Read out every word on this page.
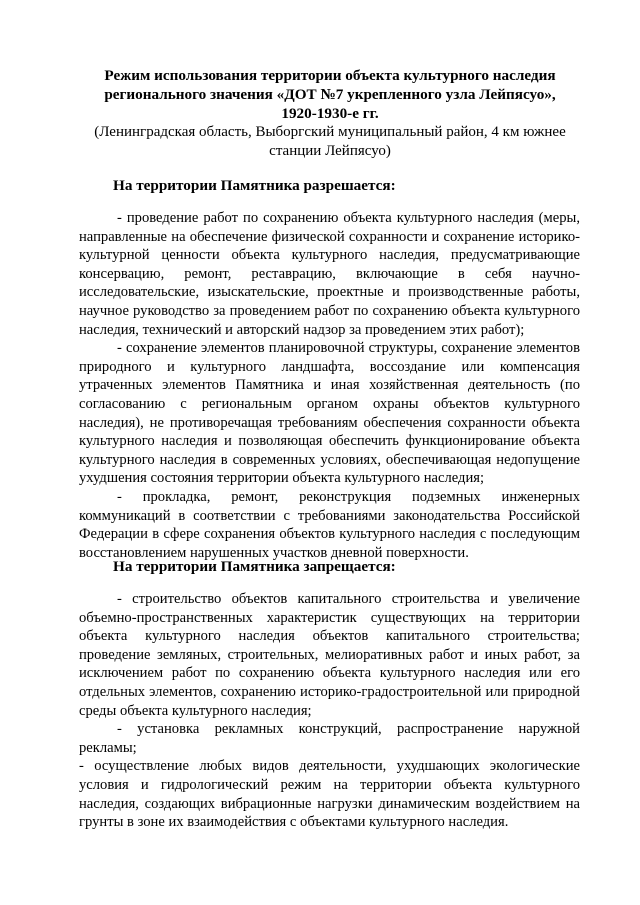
Режим использования территории объекта культурного наследия
регионального значения «ДОТ №7 укрепленного узла Лейпясуо»,
1920-1930-е гг.
(Ленинградская область, Выборгский муниципальный район, 4 км южнее станции Лейпясуо)
На территории Памятника разрешается:

- проведение работ по сохранению объекта культурного наследия (меры, направленные на обеспечение физической сохранности и сохранение историко-культурной ценности объекта культурного наследия, предусматривающие консервацию, ремонт, реставрацию, включающие в себя научно-исследовательские, изыскательские, проектные и производственные работы, научное руководство за проведением работ по сохранению объекта культурного наследия, технический и авторский надзор за проведением этих работ);

- сохранение элементов планировочной структуры, сохранение элементов природного и культурного ландшафта, воссоздание или компенсация утраченных элементов Памятника и иная хозяйственная деятельность (по согласованию с региональным органом охраны объектов культурного наследия), не противоречащая требованиям обеспечения сохранности объекта культурного наследия и позволяющая обеспечить функционирование объекта культурного наследия в современных условиях, обеспечивающая недопущение ухудшения состояния территории объекта культурного наследия;

- прокладка, ремонт, реконструкция подземных инженерных коммуникаций в соответствии с требованиями законодательства Российской Федерации в сфере сохранения объектов культурного наследия с последующим восстановлением нарушенных участков дневной поверхности.

На территории Памятника запрещается:

- строительство объектов капитального строительства и увеличение объемно-пространственных характеристик существующих на территории объекта культурного наследия объектов капитального строительства; проведение земляных, строительных, мелиоративных работ и иных работ, за исключением работ по сохранению объекта культурного наследия или его отдельных элементов, сохранению историко-градостроительной или природной среды объекта культурного наследия;

- установка рекламных конструкций, распространение наружной рекламы;

- осуществление любых видов деятельности, ухудшающих экологические условия и гидрологический режим на территории объекта культурного наследия, создающих вибрационные нагрузки динамическим воздействием на грунты в зоне их взаимодействия с объектами культурного наследия.
